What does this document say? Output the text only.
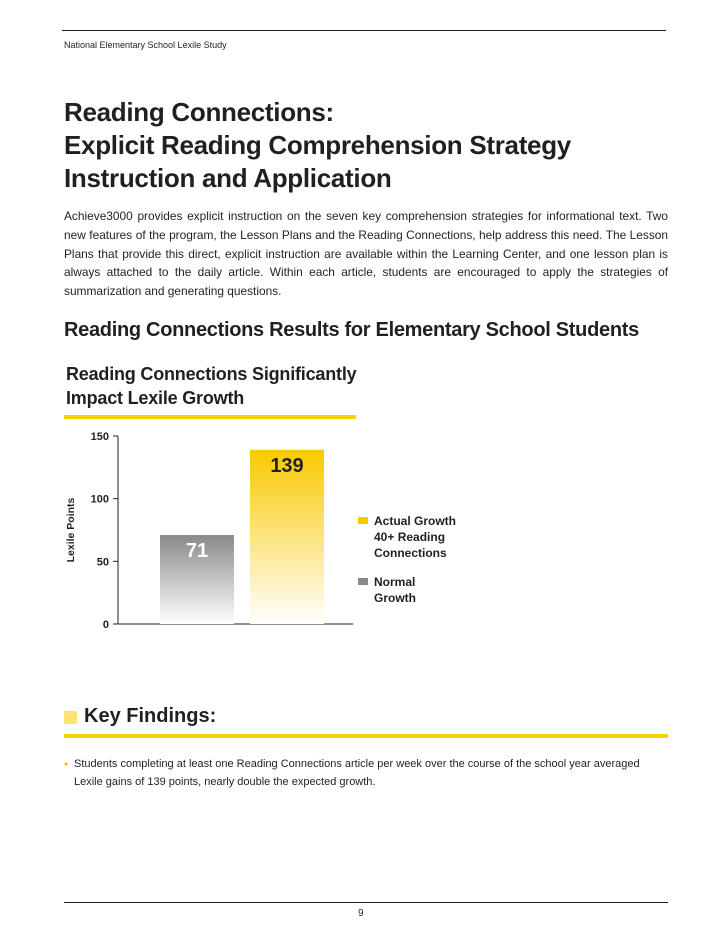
National Elementary School Lexile Study
Reading Connections:
Explicit Reading Comprehension Strategy
Instruction and Application

Achieve3000 provides explicit instruction on the seven key comprehension strategies for informational text. Two new features of the program, the Lesson Plans and the Reading Connections, help address this need. The Lesson Plans that provide this direct, explicit instruction are available within the Learning Center, and one lesson plan is always attached to the daily article. Within each article, students are encouraged to apply the strategies of summarization and generating questions.

Reading Connections Results for Elementary School Students
Reading Connections Significantly
Impact Lexile Growth
0
50
100
150
Lexile Points	71
139
Actual Growth
40+ Reading
Connections
Normal
Growth
Key Findings:
• Students completing at least one Reading Connections article per week over the course of the school year averaged Lexile gains of 139 points, nearly double the expected growth.
9
